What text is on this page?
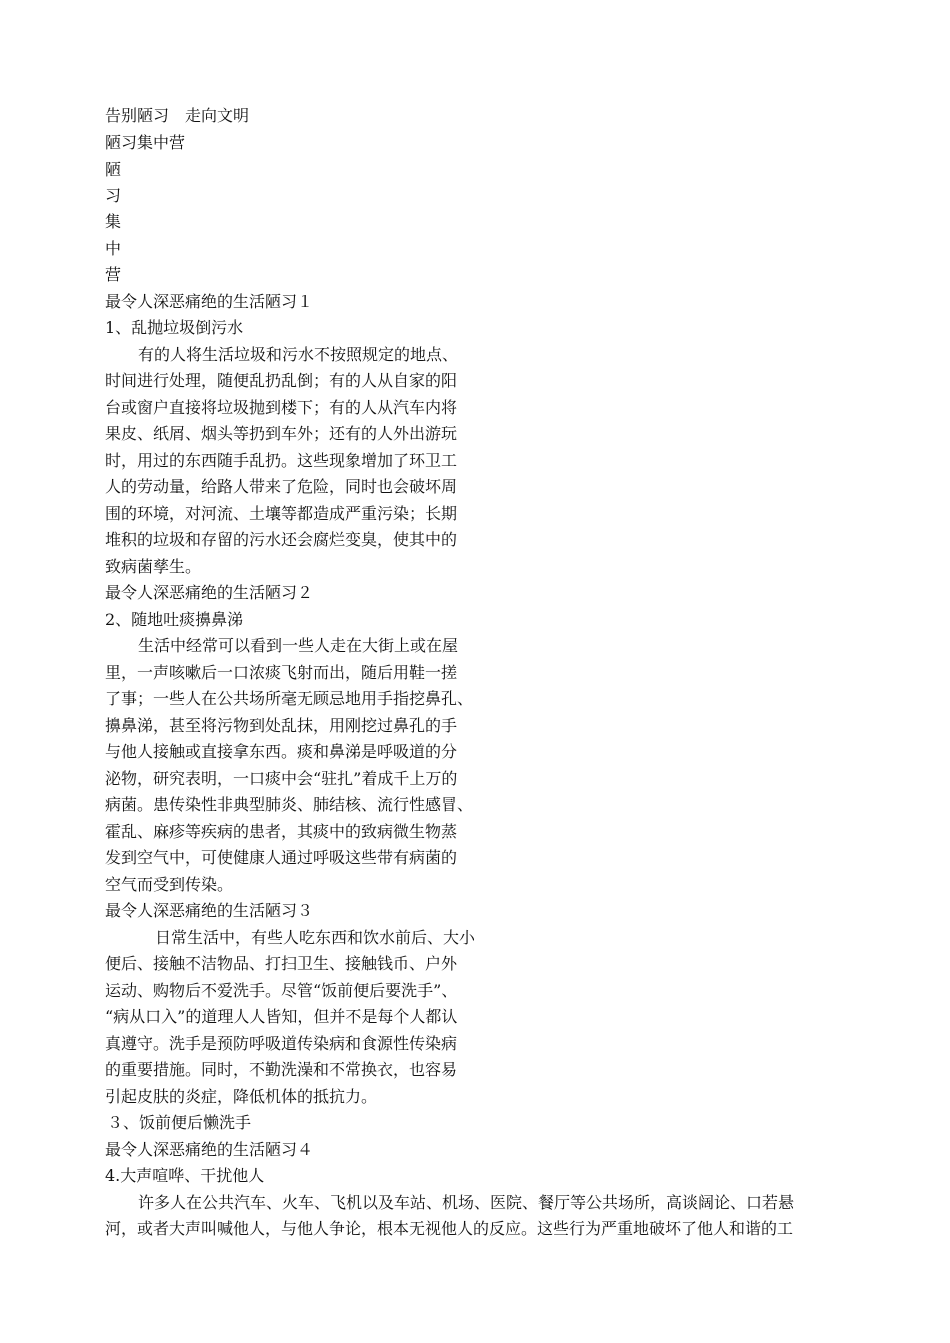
告别陋习　走向文明
陋习集中营
陋
习
集
中
营
最令人深恶痛绝的生活陋习１
1、乱抛垃圾倒污水
有的人将生活垃圾和污水不按照规定的地点、
时间进行处理，随便乱扔乱倒；有的人从自家的阳
台或窗户直接将垃圾抛到楼下；有的人从汽车内将
果皮、纸屑、烟头等扔到车外；还有的人外出游玩
时，用过的东西随手乱扔。这些现象增加了环卫工
人的劳动量，给路人带来了危险，同时也会破坏周
围的环境，对河流、土壤等都造成严重污染；长期
堆积的垃圾和存留的污水还会腐烂变臭，使其中的
致病菌孳生。
最令人深恶痛绝的生活陋习２
2、随地吐痰擤鼻涕
生活中经常可以看到一些人走在大街上或在屋
里，一声咳嗽后一口浓痰飞射而出，随后用鞋一搓
了事；一些人在公共场所毫无顾忌地用手指挖鼻孔、
擤鼻涕，甚至将污物到处乱抹，用刚挖过鼻孔的手
与他人接触或直接拿东西。痰和鼻涕是呼吸道的分
泌物，研究表明，一口痰中会“驻扎”着成千上万的
病菌。患传染性非典型肺炎、肺结核、流行性感冒、
霍乱、麻疹等疾病的患者，其痰中的致病微生物蒸
发到空气中，可使健康人通过呼吸这些带有病菌的
空气而受到传染。
最令人深恶痛绝的生活陋习３
日常生活中，有些人吃东西和饮水前后、大小
便后、接触不洁物品、打扫卫生、接触钱币、户外
运动、购物后不爱洗手。尽管“饭前便后要洗手”、
“病从口入”的道理人人皆知，但并不是每个人都认
真遵守。洗手是预防呼吸道传染病和食源性传染病
的重要措施。同时，不勤洗澡和不常换衣，也容易
引起皮肤的炎症，降低机体的抵抗力。
３、饭前便后懒洗手
最令人深恶痛绝的生活陋习４
4.大声喧哗、干扰他人
许多人在公共汽车、火车、飞机以及车站、机场、医院、餐厅等公共场所，高谈阔论、口若悬
河，或者大声叫喊他人，与他人争论，根本无视他人的反应。这些行为严重地破坏了他人和谐的工
